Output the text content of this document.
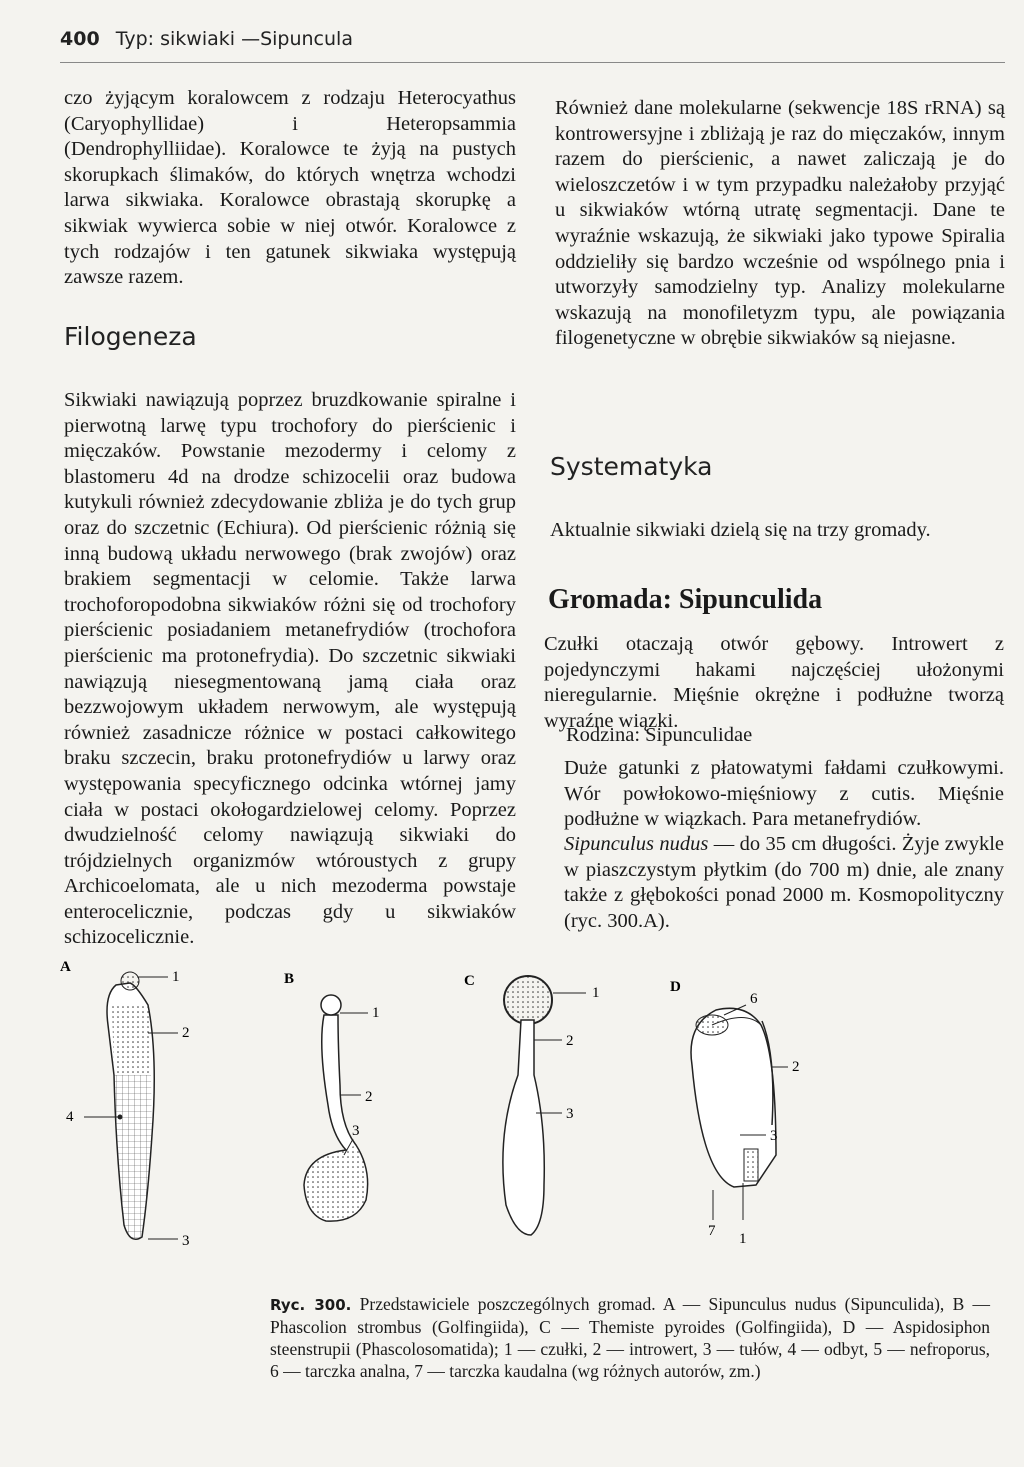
400 Typ: sikwiaki —Sipuncula

czo żyjącym koralowcem z rodzaju Heterocyathus (Caryophyllidae) i Heteropsammia (Dendrophylliidae). Koralowce te żyją na pustych skorupkach ślimaków, do których wnętrza wchodzi larwa sikwiaka. Koralowce obrastają skorupkę a sikwiak wywierca sobie w niej otwór. Koralowce z tych rodzajów i ten gatunek sikwiaka występują zawsze razem.

Filogeneza

Sikwiaki nawiązują poprzez bruzdkowanie spiralne i pierwotną larwę typu trochofory do pierścienic i mięczaków. Powstanie mezodermy i celomy z blastomeru 4d na drodze schizocelii oraz budowa kutykuli również zdecydowanie zbliża je do tych grup oraz do szczetnic (Echiura). Od pierścienic różnią się inną budową układu nerwowego (brak zwojów) oraz brakiem segmentacji w celomie. Także larwa trochoforopodobna sikwiaków różni się od trochofory pierścienic posiadaniem metanefrydiów (trochofora pierścienic ma protonefrydia). Do szczetnic sikwiaki nawiązują niesegmentowaną jamą ciała oraz bezzwojowym układem nerwowym, ale występują również zasadnicze różnice w postaci całkowitego braku szczecin, braku protonefrydiów u larwy oraz występowania specyficznego odcinka wtórnej jamy ciała w postaci okołogardzielowej celomy. Poprzez dwudzielność celomy nawiązują sikwiaki do trójdzielnych organizmów wtóroustych z grupy Archicoelomata, ale u nich mezoderma powstaje enterocelicznie, podczas gdy u sikwiaków schizocelicznie.

Również dane molekularne (sekwencje 18S rRNA) są kontrowersyjne i zbliżają je raz do mięczaków, innym razem do pierścienic, a nawet zaliczają je do wieloszczetów i w tym przypadku należałoby przyjąć u sikwiaków wtórną utratę segmentacji. Dane te wyraźnie wskazują, że sikwiaki jako typowe Spiralia oddzieliły się bardzo wcześnie od wspólnego pnia i utworzyły samodzielny typ. Analizy molekularne wskazują na monofiletyzm typu, ale powiązania filogenetyczne w obrębie sikwiaków są niejasne.

Systematyka

Aktualnie sikwiaki dzielą się na trzy gromady.

Gromada: Sipunculida

Czułki otaczają otwór gębowy. Introwert z pojedynczymi hakami najczęściej ułożonymi nieregularnie. Mięśnie okrężne i podłużne tworzą wyraźne wiązki.

Rodzina: Sipunculidae

Duże gatunki z płatowatymi fałdami czułkowymi. Wór powłokowo-mięśniowy z cutis. Mięśnie podłużne w wiązkach. Para metanefrydiów.

Sipunculus nudus — do 35 cm długości. Żyje zwykle w piaszczystym płytkim (do 700 m) dnie, ale znany także z głębokości ponad 2000 m. Kosmopolityczny (ryc. 300.A).

A
B	C	D
1
2
3
4
1
2
3
1
2
3
6
2
3
7 1
Ryc. 300. Przedstawiciele poszczególnych gromad. A — Sipunculus nudus (Sipunculida), B — Phascolion strombus (Golfingiida), C — Themiste pyroides (Golfingiida), D — Aspidosiphon steenstrupii (Phascolosomatida); 1 — czułki, 2 — introwert, 3 — tułów, 4 — odbyt, 5 — nefroporus, 6 — tarczka analna, 7 — tarczka kaudalna (wg różnych autorów, zm.)
